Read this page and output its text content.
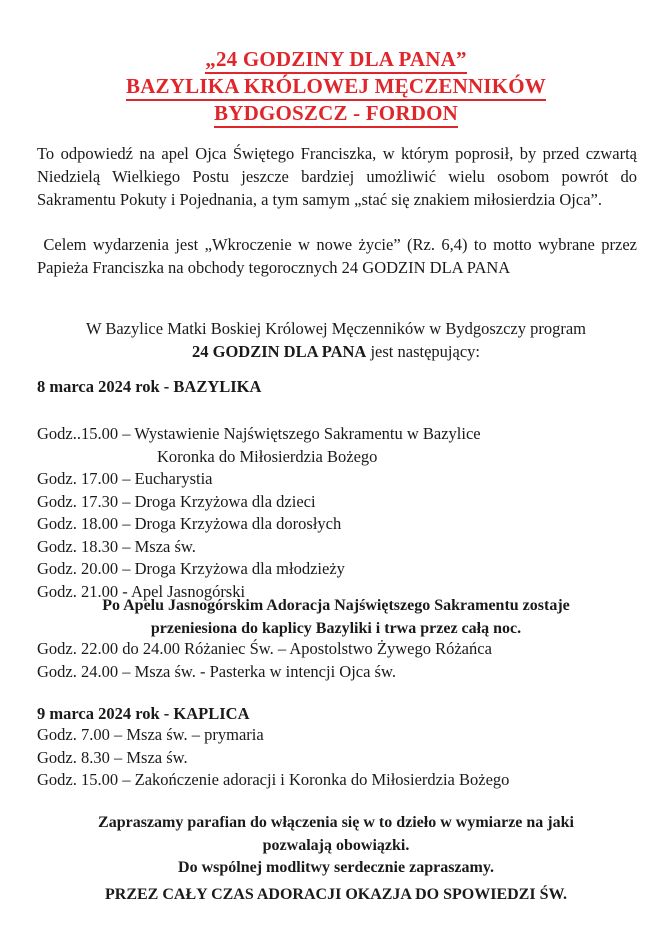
„24 GODZINY DLA PANA”
BAZYLIKA KRÓLOWEJ MĘCZENNIKÓW
BYDGOSZCZ - FORDON

To odpowiedź na apel Ojca Świętego Franciszka, w którym poprosił, by przed czwartą Niedzielą Wielkiego Postu jeszcze bardziej umożliwić wielu osobom powrót do Sakramentu Pokuty i Pojednania, a tym samym „stać się znakiem miłosierdzia Ojca”.

Celem wydarzenia jest „Wkroczenie w nowe życie” (Rz. 6,4) to motto wybrane przez Papieża Franciszka na obchody tegorocznych 24 GODZIN DLA PANA

W Bazylice Matki Boskiej Królowej Męczenników w Bydgoszczy program
24 GODZIN DLA PANA jest następujący:
8 marca 2024 rok - BAZYLIKA
Godz..15.00 – Wystawienie Najświętszego Sakramentu w Bazylice
Koronka do Miłosierdzia Bożego
Godz. 17.00 – Eucharystia
Godz. 17.30 – Droga Krzyżowa dla dzieci
Godz. 18.00 – Droga Krzyżowa dla dorosłych
Godz. 18.30 – Msza św.
Godz. 20.00 – Droga Krzyżowa dla młodzieży
Godz. 21.00 - Apel Jasnogórski
Po Apelu Jasnogórskim Adoracja Najświętszego Sakramentu zostaje
przeniesiona do kaplicy Bazyliki i trwa przez całą noc.
Godz. 22.00 do 24.00 Różaniec Św. – Apostolstwo Żywego Różańca
Godz. 24.00 – Msza św. - Pasterka w intencji Ojca św.
9 marca 2024 rok - KAPLICA
Godz. 7.00 – Msza św. – prymaria
Godz. 8.30 – Msza św.
Godz. 15.00 – Zakończenie adoracji i Koronka do Miłosierdzia Bożego
Zapraszamy parafian do włączenia się w to dzieło w wymiarze na jaki
pozwalają obowiązki.
Do wspólnej modlitwy serdecznie zapraszamy.
PRZEZ CAŁY CZAS ADORACJI OKAZJA DO SPOWIEDZI ŚW.
